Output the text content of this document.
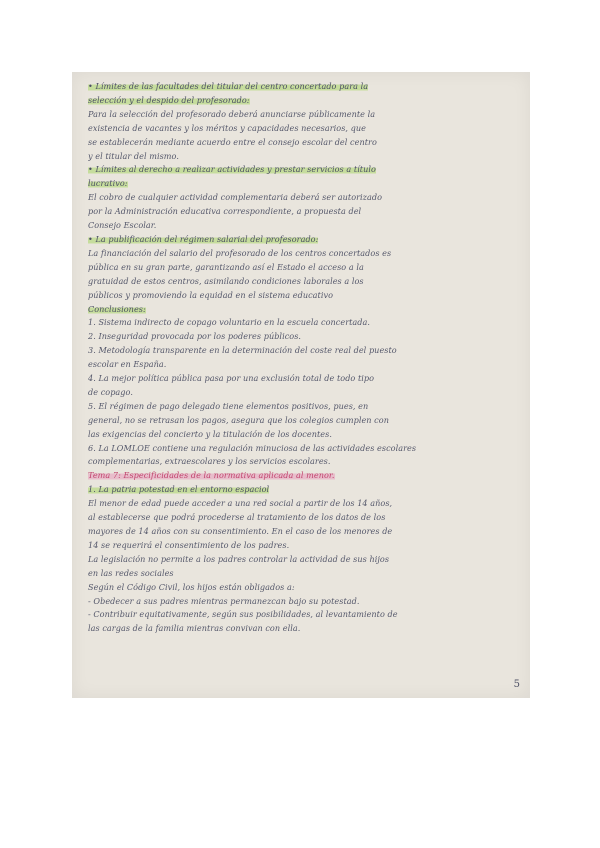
• Límites de las facultades del titular del centro concertado para la
selección y el despido del profesorado:
Para la selección del profesorado deberá anunciarse públicamente la
existencia de vacantes y los méritos y capacidades necesarios, que
se establecerán mediante acuerdo entre el consejo escolar del centro
y el titular del mismo.
• Límites al derecho a realizar actividades y prestar servicios a título
lucrativo:
El cobro de cualquier actividad complementaria deberá ser autorizado
por la Administración educativa correspondiente, a propuesta del
Consejo Escolar.
• La publificación del régimen salarial del profesorado:
La financiación del salario del profesorado de los centros concertados es
pública en su gran parte, garantizando así el Estado el acceso a la
gratuidad de estos centros, asimilando condiciones laborales a los
públicos y promoviendo la equidad en el sistema educativo
Conclusiones:
1. Sistema indirecto de copago voluntario en la escuela concertada.
2. Inseguridad provocada por los poderes públicos.
3. Metodología transparente en la determinación del coste real del puesto
escolar en España.
4. La mejor política pública pasa por una exclusión total de todo tipo
de copago.
5. El régimen de pago delegado tiene elementos positivos, pues, en
general, no se retrasan los pagos, asegura que los colegios cumplen con
las exigencias del concierto y la titulación de los docentes.
6. La LOMLOE contiene una regulación minuciosa de las actividades escolares
complementarias, extraescolares y los servicios escolares.
Tema 7: Especificidades de la normativa aplicada al menor.
1. La patria potestad en el entorno espaciol
El menor de edad puede acceder a una red social a partir de los 14 años,
al establecerse que podrá procederse al tratamiento de los datos de los
mayores de 14 años con su consentimiento. En el caso de los menores de
14 se requerirá el consentimiento de los padres.
La legislación no permite a los padres controlar la actividad de sus hijos
en las redes sociales
Según el Código Civil, los hijos están obligados a:
- Obedecer a sus padres mientras permanezcan bajo su potestad.
- Contribuir equitativamente, según sus posibilidades, al levantamiento de
las cargas de la familia mientras convivan con ella.
5
